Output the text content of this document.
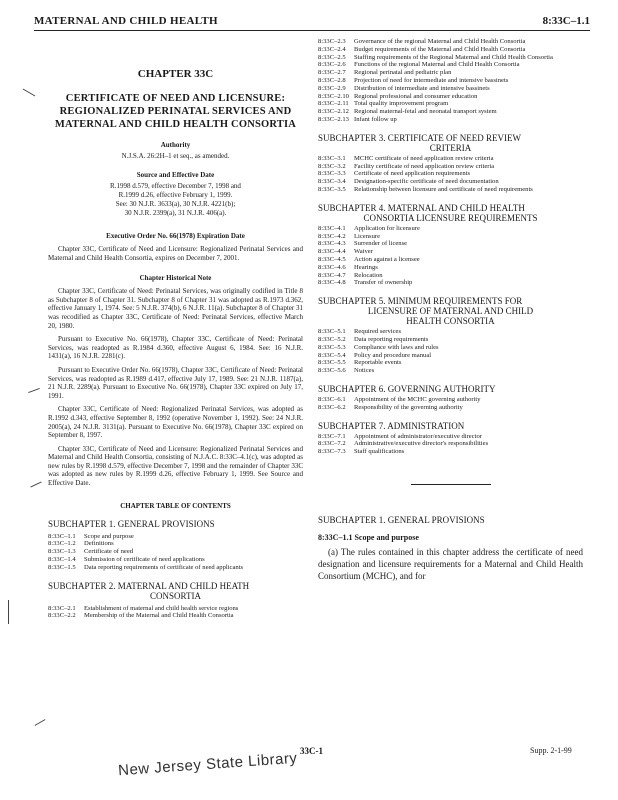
MATERNAL AND CHILD HEALTH	8:33C–1.1
CHAPTER 33C
CERTIFICATE OF NEED AND LICENSURE: REGIONALIZED PERINATAL SERVICES AND MATERNAL AND CHILD HEALTH CONSORTIA
Authority
N.J.S.A. 26:2H–1 et seq., as amended.
Source and Effective Date
R.1998 d.579, effective December 7, 1998 and
R.1999 d.26, effective February 1, 1999.
See: 30 N.J.R. 3633(a), 30 N.J.R. 4221(b);
30 N.J.R. 2399(a), 31 N.J.R. 406(a).
Executive Order No. 66(1978) Expiration Date
Chapter 33C, Certificate of Need and Licensure: Regionalized Perinatal Services and Maternal and Child Health Consortia, expires on December 7, 2001.
Chapter Historical Note
Chapter 33C, Certificate of Need: Perinatal Services, was originally codified in Title 8 as Subchapter 8 of Chapter 31. Subchapter 8 of Chapter 31 was adopted as R.1973 d.362, effective January 1, 1974. See: 5 N.J.R. 374(b), 6 N.J.R. 11(a). Subchapter 8 of Chapter 31 was recodified as Chapter 33C, Certificate of Need: Perinatal Services, effective March 20, 1980.
Pursuant to Executive No. 66(1978), Chapter 33C, Certificate of Need: Perinatal Services, was readopted as R.1984 d.360, effective August 6, 1984. See: 16 N.J.R. 1431(a), 16 N.J.R. 2281(c).
Pursuant to Executive Order No. 66(1978), Chapter 33C, Certificate of Need: Perinatal Services, was readopted as R.1989 d.417, effective July 17, 1989. See: 21 N.J.R. 1187(a), 21 N.J.R. 2289(a). Pursuant to Executive No. 66(1978), Chapter 33C expired on July 17, 1991.
Chapter 33C, Certificate of Need: Regionalized Perinatal Services, was adopted as R.1992 d.343, effective September 8, 1992 (operative November 1, 1992). See: 24 N.J.R. 2005(a), 24 N.J.R. 3131(a). Pursuant to Executive No. 66(1978), Chapter 33C expired on September 8, 1997.
Chapter 33C, Certificate of Need and Licensure: Regionalized Perinatal Services and Maternal and Child Health Consortia, consisting of N.J.A.C. 8:33C–4.1(c), was adopted as new rules by R.1998 d.579, effective December 7, 1998 and the remainder of Chapter 33C was adopted as new rules by R.1999 d.26, effective February 1, 1999. See Source and Effective Date.
CHAPTER TABLE OF CONTENTS
SUBCHAPTER 1. GENERAL PROVISIONS
8:33C–1.1	Scope and purpose
8:33C–1.2	Definitions
8:33C–1.3	Certificate of need
8:33C–1.4	Submission of certificate of need applications
8:33C–1.5	Data reporting requirements of certificate of need applicants
SUBCHAPTER 2. MATERNAL AND CHILD HEATH
CONSORTIA
8:33C–2.1	Establishment of maternal and child health service regions
8:33C–2.2	Membership of the Maternal and Child Health Consortia
8:33C–2.3	Governance of the regional Maternal and Child Health Consortia
8:33C–2.4	Budget requirements of the Maternal and Child Health Consortia
8:33C–2.5	Staffing requirements of the Regional Maternal and Child Health Consortia
8:33C–2.6	Functions of the regional Maternal and Child Health Consortia
8:33C–2.7	Regional perinatal and pediatric plan
8:33C–2.8	Projection of need for intermediate and intensive bassinets
8:33C–2.9	Distribution of intermediate and intensive bassinets
8:33C–2.10 Regional professional and consumer education
8:33C–2.11 Total quality improvement program
8:33C–2.12 Regional maternal-fetal and neonatal transport system
8:33C–2.13 Infant follow up
SUBCHAPTER 3. CERTIFICATE OF NEED REVIEW
CRITERIA
8:33C–3.1	MCHC certificate of need application review criteria
8:33C–3.2	Facility certificate of need application review criteria
8:33C–3.3	Certificate of need application requirements
8:33C–3.4	Designation-specific certificate of need documentation
8:33C–3.5	Relationship between licensure and certificate of need requirements
SUBCHAPTER 4. MATERNAL AND CHILD HEALTH
CONSORTIA LICENSURE REQUIREMENTS
8:33C–4.1	Application for licensure
8:33C–4.2	Licensure
8:33C–4.3	Surrender of license
8:33C–4.4	Waiver
8:33C–4.5	Action against a licensee
8:33C–4.6	Hearings
8:33C–4.7	Relocation
8:33C–4.8	Transfer of ownership
SUBCHAPTER 5. MINIMUM REQUIREMENTS FOR
LICENSURE OF MATERNAL AND CHILD
HEALTH CONSORTIA
8:33C–5.1	Required services
8:33C–5.2	Data reporting requirements
8:33C–5.3	Compliance with laws and rules
8:33C–5.4	Policy and procedure manual
8:33C–5.5	Reportable events
8:33C–5.6	Notices
SUBCHAPTER 6. GOVERNING AUTHORITY
8:33C–6.1	Appointment of the MCHC governing authority
8:33C–6.2	Responsibility of the governing authority
SUBCHAPTER 7. ADMINISTRATION
8:33C–7.1	Appointment of administrator/executive director
8:33C–7.2	Administrative/executive director's responsibilities
8:33C–7.3	Staff qualifications
SUBCHAPTER 1. GENERAL PROVISIONS
8:33C–1.1 Scope and purpose
(a) The rules contained in this chapter address the certificate of need designation and licensure requirements for a Maternal and Child Health Consortium (MCHC), and for
33C-1	Supp. 2-1-99
New Jersey State Library
